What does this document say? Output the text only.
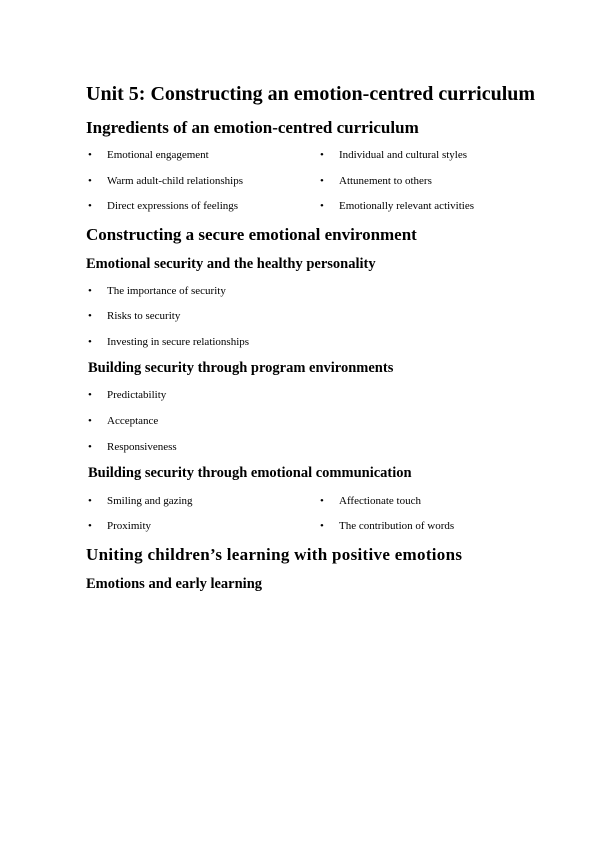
Unit 5: Constructing an emotion-centred curriculum
Ingredients of an emotion-centred curriculum
• Emotional engagement
• Warm adult-child relationships
• Direct expressions of feelings
• Individual and cultural styles
• Attunement to others
• Emotionally relevant activities
Constructing a secure emotional environment
Emotional security and the healthy personality
• The importance of security
• Risks to security
• Investing in secure relationships
Building security through program environments
• Predictability
• Acceptance
• Responsiveness
Building security through emotional communication
• Smiling and gazing
• Proximity
• Affectionate touch
• The contribution of words
Uniting children’s learning with positive emotions
Emotions and early learning
